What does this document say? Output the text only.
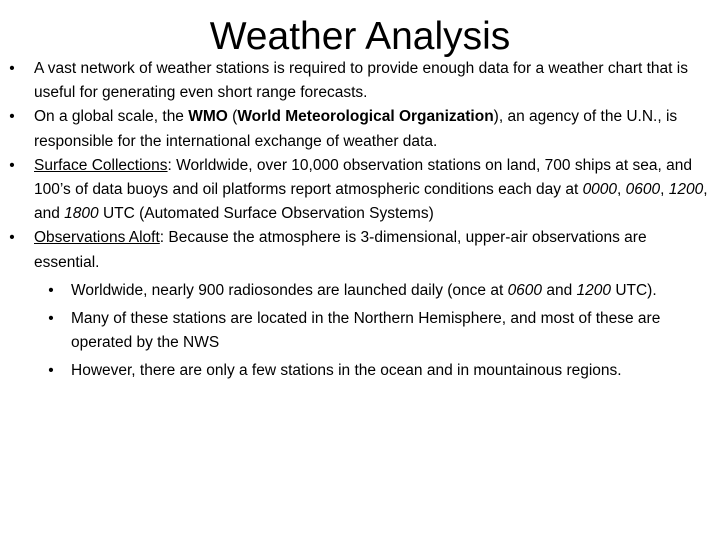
Weather Analysis

•	A vast network of weather stations is required to provide enough data for a weather chart that is useful for generating even short range forecasts.

•	On a global scale, the WMO (World Meteorological Organization), an agency of the U.N., is responsible for the international exchange of weather data.

•	Surface Collections: Worldwide, over 10,000 observation stations on land, 700 ships at sea, and 100’s of data buoys and oil platforms report atmospheric conditions each day at 0000, 0600, 1200, and 1800 UTC (Automated Surface Observation Systems)

•	Observations Aloft: Because the atmosphere is 3-dimensional, upper-air observations are essential.

•	Worldwide, nearly 900 radiosondes are launched daily (once at 0600 and 1200 UTC).

•	Many of these stations are located in the Northern Hemisphere, and most of these are operated by the NWS

•	However, there are only a few stations in the ocean and in mountainous regions.
